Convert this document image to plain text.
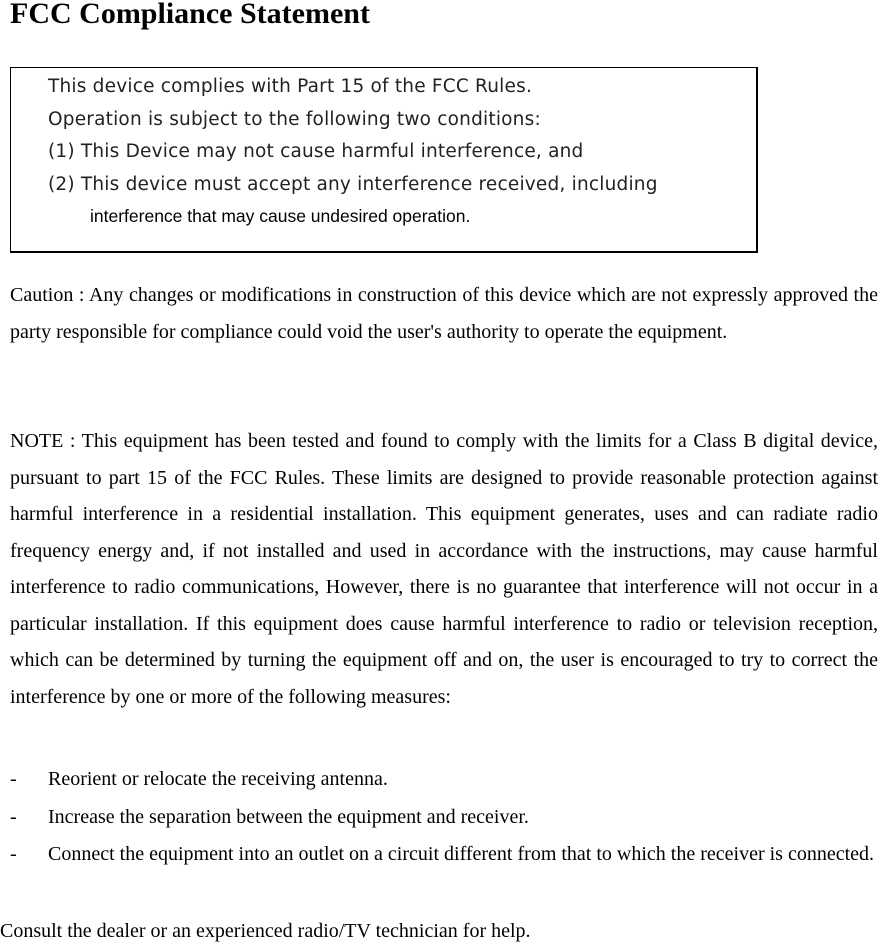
FCC Compliance Statement
This device complies with Part 15 of the FCC Rules.
Operation is subject to the following two conditions:
(1) This Device may not cause harmful interference, and
(2) This device must accept any interference received, including
interference that may cause undesired operation.

Caution : Any changes or modifications in construction of this device which are not expressly approved the party responsible for compliance could void the user's authority to operate the equipment.

NOTE : This equipment has been tested and found to comply with the limits for a Class B digital device, pursuant to part 15 of the FCC Rules. These limits are designed to provide reasonable protection against harmful interference in a residential installation. This equipment generates, uses and can radiate radio frequency energy and, if not installed and used in accordance with the instructions, may cause harmful interference to radio communications, However, there is no guarantee that interference will not occur in a particular installation. If this equipment does cause harmful interference to radio or television reception, which can be determined by turning the equipment off and on, the user is encouraged to try to correct the interference by one or more of the following measures:

- Reorient or relocate the receiving antenna.
- Increase the separation between the equipment and receiver.
- Connect the equipment into an outlet on a circuit different from that to which the receiver is connected.

Consult the dealer or an experienced radio/TV technician for help.
